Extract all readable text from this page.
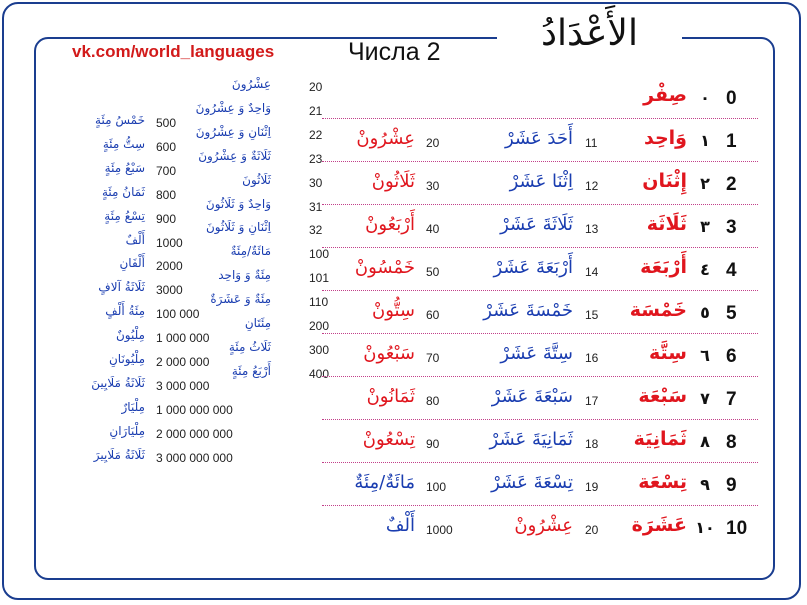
الأَعْدَادُ
vk.com/world_languages	Числа 2
500
خَمْسُ مِئَةٍ
600
سِتُّ مِئَةٍ
700
سَبْعُ مِئَةٍ
800
ثَمَانُ مِئَةٍ
900
تِسْعُ مِئَةٍ
1000
أَلْفٌ
2000
أَلْفَانِ
3000
ثَلَاثَةُ آلافٍ
100 000
مِئَةُ أَلْفٍ
1 000 000
مِلْيُونٌ
2 000 000
مِلْيُونَانِ
3 000 000
ثَلَاثَةُ مَلَايِينَ
1 000 000 000
مِلْيَارٌ
2 000 000 000
مِلْيَارَانِ
3 000 000 000
ثَلَاثَةُ مَلَايِيرَ
20
عِشْرُونَ
21
وَاحِدٌ وَ عِشْرُونَ
22
اِثْنَانِ وَ عِشْرُونَ
23
ثَلَاثَةٌ وَ عِشْرُونَ
30
ثَلَاثُونَ
31
وَاحِدٌ وَ ثَلَاثُونَ
32
اِثْنَانِ وَ ثَلَاثُونَ
100
مَائَةٌ/مِئَةٌ
101
مِئَةٌ وَ وَاحِد
110
مِئَةٌ وَ عَشَرَةٌ
200
مِئَتَانِ
300
ثَلَاثُ مِئَةٍ
400
أَرْبَعُ مِئَةٍ
0
٠
صِفْر
1
١
وَاحِد
11
أَحَدَ عَشَرْ
20
عِشْرُونْ
2
٢
إِثْنَان
12
اِثْنَا عَشَرْ
30
ثَلَاثُونْ
3
٣
ثَلَاثَة
13
ثَلَاثَةَ عَشَرْ
40
أَرْبَعُونْ
4
٤
أَرْبَعَة
14
أَرْبَعَةَ عَشَرْ
50
خَمْسُونْ
5
٥
خَمْسَة
15
خَمْسَةَ عَشَرْ
60
سِتُّونْ
6
٦
سِتَّة
16
سِتَّةَ عَشَرْ
70
سَبْعُونْ
7
٧
سَبْعَة
17
سَبْعَةَ عَشَرْ
80
ثَمَانُونْ
8
٨
ثَمَانِيَة
18
ثَمَانِيَةَ عَشَرْ
90
تِسْعُونْ
9
٩
تِسْعَة
19
تِسْعَةَ عَشَرْ
100
مَائَةٌ/مِئَةٌ
10
١٠
عَشَرَة
20
عِشْرُونْ
1000
أَلْفٌ
